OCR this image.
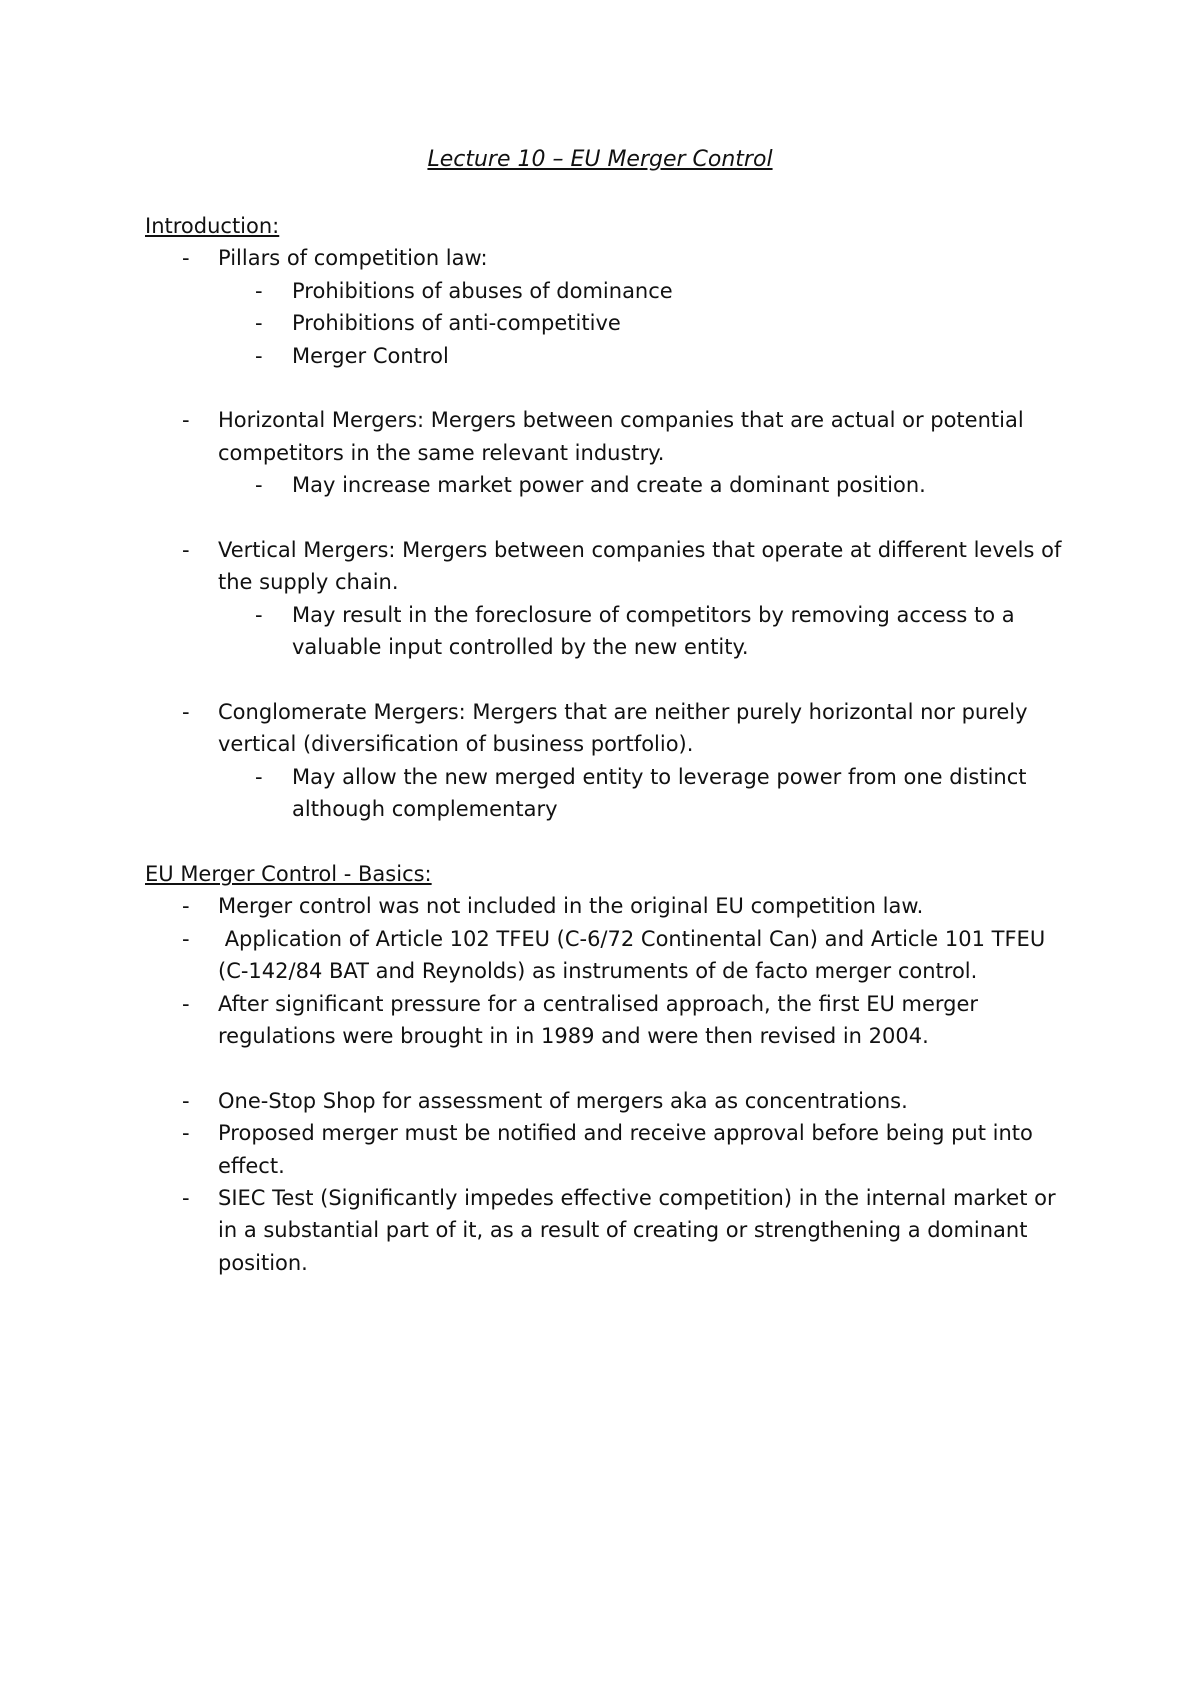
Lecture 10 – EU Merger Control

Introduction:

- Pillars of competition law:
- Prohibitions of abuses of dominance
- Prohibitions of anti-competitive
- Merger Control
- Horizontal Mergers: Mergers between companies that are actual or potential competitors in the same relevant industry.
- May increase market power and create a dominant position.
- Vertical Mergers: Mergers between companies that operate at different levels of the supply chain.
- May result in the foreclosure of competitors by removing access to a valuable input controlled by the new entity.
- Conglomerate Mergers: Mergers that are neither purely horizontal nor purely vertical (diversification of business portfolio).
- May allow the new merged entity to leverage power from one distinct although complementary

EU Merger Control - Basics:

- Merger control was not included in the original EU competition law.
- Application of Article 102 TFEU (C-6/72 Continental Can) and Article 101 TFEU (C-142/84 BAT and Reynolds) as instruments of de facto merger control.
- After significant pressure for a centralised approach, the first EU merger regulations were brought in in 1989 and were then revised in 2004.
- One-Stop Shop for assessment of mergers aka as concentrations.
- Proposed merger must be notified and receive approval before being put into effect.
- SIEC Test (Significantly impedes effective competition) in the internal market or in a substantial part of it, as a result of creating or strengthening a dominant position.
